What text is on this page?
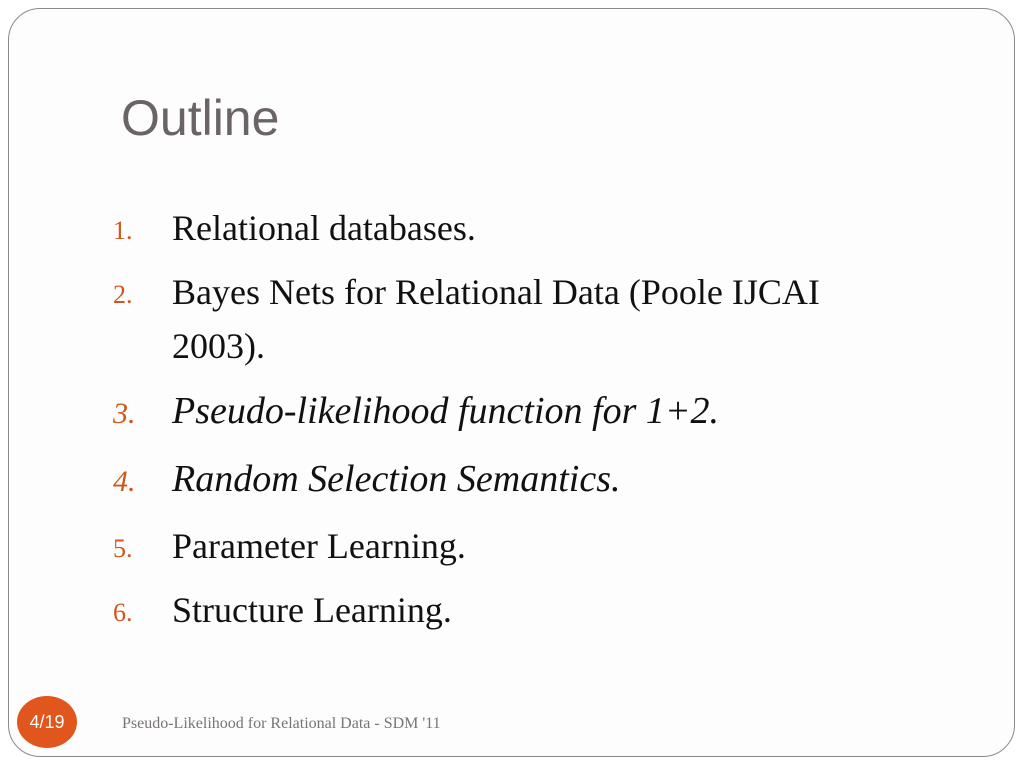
Outline
1. Relational databases.
2. Bayes Nets for Relational Data (Poole IJCAI 2003).
3. Pseudo-likelihood function for 1+2.
4. Random Selection Semantics.
5. Parameter Learning.
6. Structure Learning.
Pseudo-Likelihood for Relational Data - SDM '11
4/19
